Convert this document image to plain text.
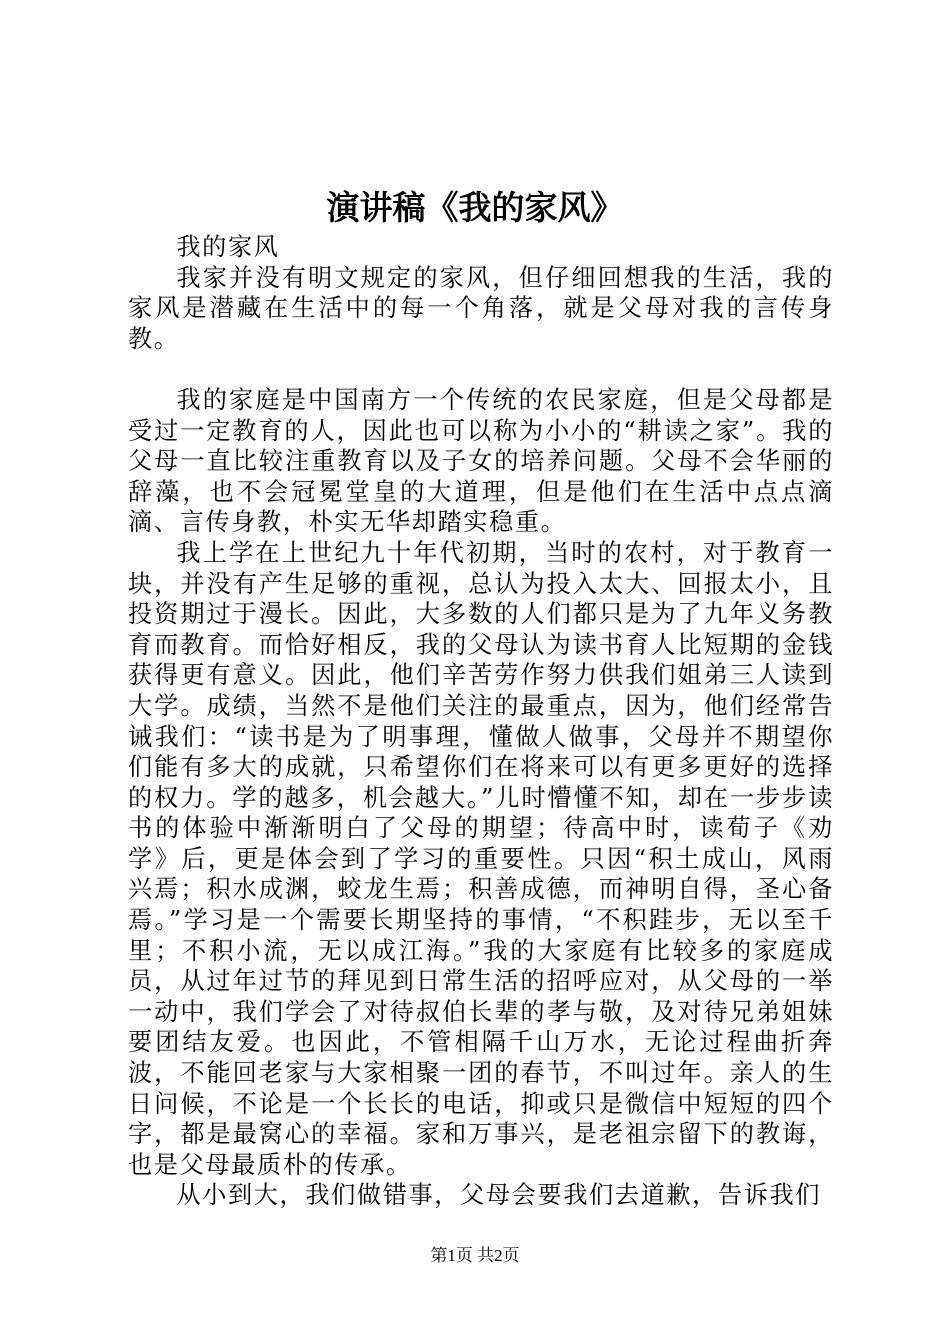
演讲稿《我的家风》

我的家风

我家并没有明文规定的家风，但仔细回想我的生活，我的家风是潜藏在生活中的每一个角落，就是父母对我的言传身教。

我的家庭是中国南方一个传统的农民家庭，但是父母都是受过一定教育的人，因此也可以称为小小的“耕读之家”。我的父母一直比较注重教育以及子女的培养问题。父母不会华丽的辞藻，也不会冠冕堂皇的大道理，但是他们在生活中点点滴滴、言传身教，朴实无华却踏实稳重。

我上学在上世纪九十年代初期，当时的农村，对于教育一块，并没有产生足够的重视，总认为投入太大、回报太小，且投资期过于漫长。因此，大多数的人们都只是为了九年义务教育而教育。而恰好相反，我的父母认为读书育人比短期的金钱获得更有意义。因此，他们辛苦劳作努力供我们姐弟三人读到大学。成绩，当然不是他们关注的最重点，因为，他们经常告诫我们：“读书是为了明事理，懂做人做事，父母并不期望你们能有多大的成就，只希望你们在将来可以有更多更好的选择的权力。学的越多，机会越大。”儿时懵懂不知，却在一步步读书的体验中渐渐明白了父母的期望；待高中时，读荀子《劝学》后，更是体会到了学习的重要性。只因“积土成山，风雨兴焉；积水成渊，蛟龙生焉；积善成德，而神明自得，圣心备焉。”学习是一个需要长期坚持的事情，“不积跬步，无以至千里；不积小流，无以成江海。”我的大家庭有比较多的家庭成员，从过年过节的拜见到日常生活的招呼应对，从父母的一举一动中，我们学会了对待叔伯长辈的孝与敬，及对待兄弟姐妹要团结友爱。也因此，不管相隔千山万水，无论过程曲折奔波，不能回老家与大家相聚一团的春节，不叫过年。亲人的生日问候，不论是一个长长的电话，抑或只是微信中短短的四个字，都是最窝心的幸福。家和万事兴，是老祖宗留下的教诲，也是父母最质朴的传承。

从小到大，我们做错事，父母会要我们去道歉，告诉我们

第1页 共2页
